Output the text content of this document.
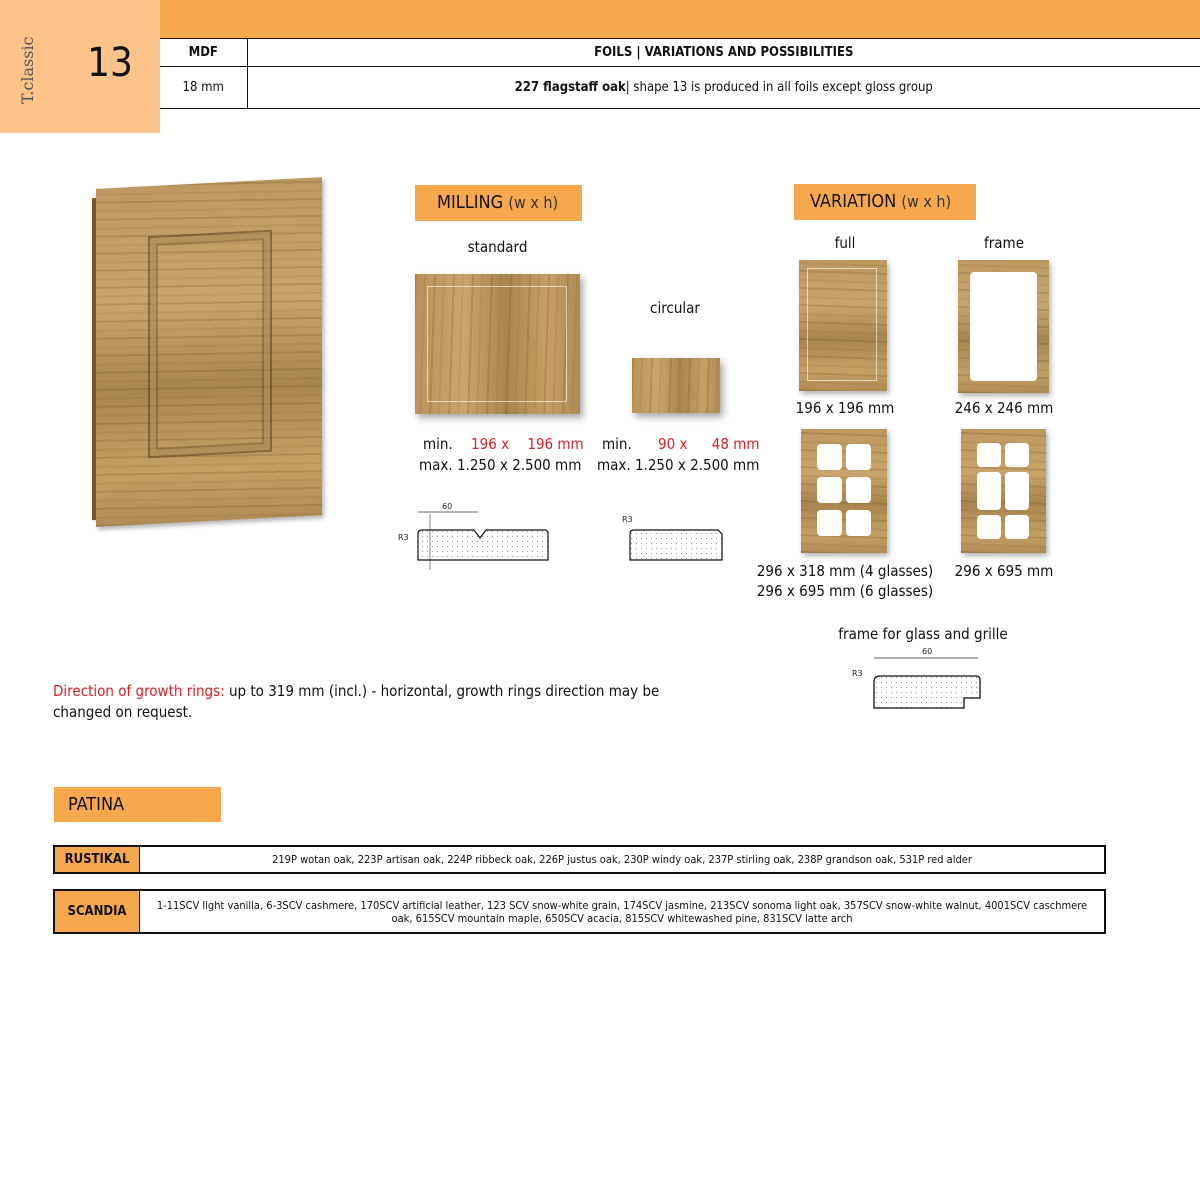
T.classic	13	MDF	FOILS | VARIATIONS AND POSSIBILITIES
18 mm	227 flagstaff oak| shape 13 is produced in all foils except gloss group
MILLING (w x h)
standard
circular
min. 196 x 196 mm
max. 1.250 x 2.500 mm
min. 90 x 48 mm
max. 1.250 x 2.500 mm
60
R3
R3
VARIATION (w x h)
full	frame
196 x 196 mm	246 x 246 mm
296 x 318 mm (4 glasses)
296 x 695 mm (6 glasses)
296 x 695 mm
frame for glass and grille
60
R3
Direction of growth rings: up to 319 mm (incl.) - horizontal, growth rings direction may be changed on request.
PATINA
RUSTIKAL	219P wotan oak, 223P artisan oak, 224P ribbeck oak, 226P justus oak, 230P windy oak, 237P stirling oak, 238P grandson oak, 531P red alder
SCANDIA	1-11SCV light vanilla, 6-3SCV cashmere, 170SCV artificial leather, 123 SCV snow-white grain, 174SCV jasmine, 213SCV sonoma light oak, 357SCV snow-white walnut, 4001SCV caschmere oak, 615SCV mountain maple, 650SCV acacia, 815SCV whitewashed pine, 831SCV latte arch
